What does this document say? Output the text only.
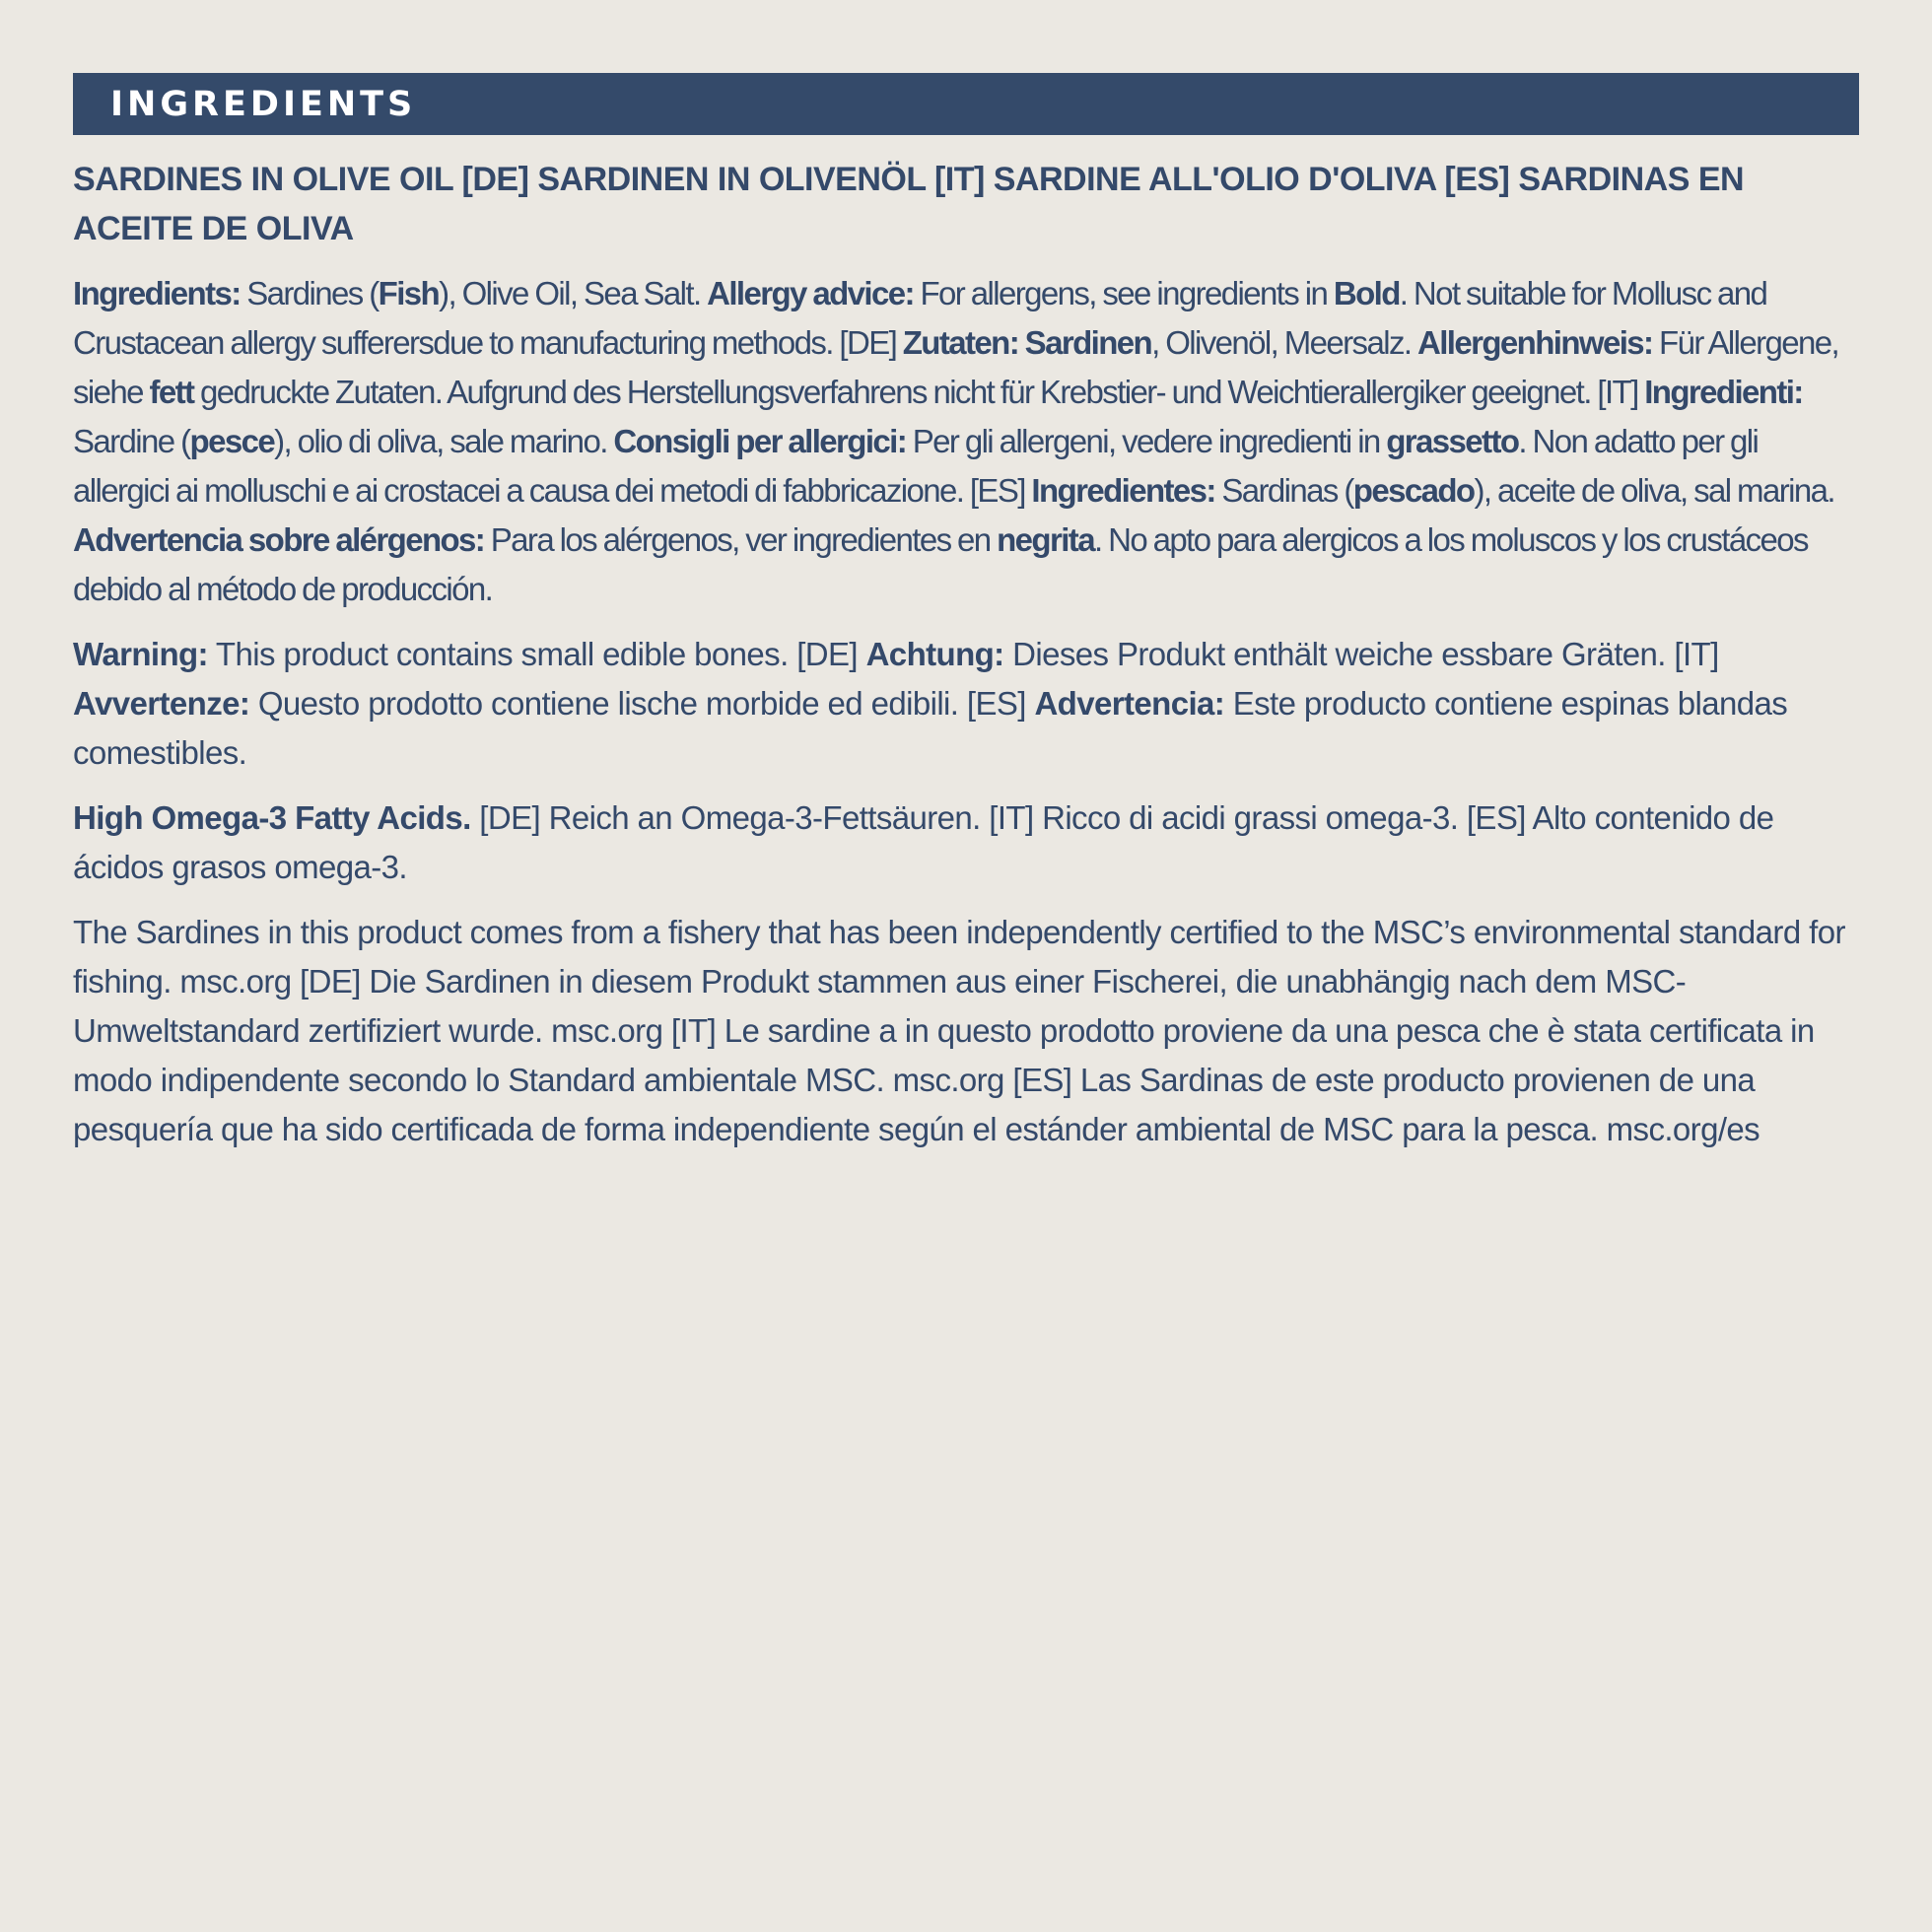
INGREDIENTS
SARDINES IN OLIVE OIL [DE] SARDINEN IN OLIVENÖL [IT] SARDINE ALL'OLIO D'OLIVA [ES] SARDINAS EN ACEITE DE OLIVA

Ingredients: Sardines (Fish), Olive Oil, Sea Salt. Allergy advice: For allergens, see ingredients in Bold. Not suitable for Mollusc and Crustacean allergy sufferersdue to manufacturing methods. [DE] Zutaten: Sardinen, Olivenöl, Meersalz. Allergenhinweis: Für Allergene, siehe fett gedruckte Zutaten. Aufgrund des Herstellungsverfahrens nicht für Krebstier- und Weichtierallergiker geeignet. [IT] Ingredienti: Sardine (pesce), olio di oliva, sale marino. Consigli per allergici: Per gli allergeni, vedere ingredienti in grassetto. Non adatto per gli allergici ai molluschi e ai crostacei a causa dei metodi di fabbricazione. [ES] Ingredientes: Sardinas (pescado), aceite de oliva, sal marina. Advertencia sobre alérgenos: Para los alérgenos, ver ingredientes en negrita. No apto para alergicos a los moluscos y los crustáceos debido al método de producción.

Warning: This product contains small edible bones. [DE] Achtung: Dieses Produkt enthält weiche essbare Gräten. [IT] Avvertenze: Questo prodotto contiene lische morbide ed edibili. [ES] Advertencia: Este producto contiene espinas blandas comestibles.

High Omega-3 Fatty Acids. [DE] Reich an Omega-3-Fettsäuren. [IT] Ricco di acidi grassi omega-3. [ES] Alto contenido de ácidos grasos omega-3.

The Sardines in this product comes from a fishery that has been independently certified to the MSC’s environmental standard for fishing. msc.org [DE] Die Sardinen in diesem Produkt stammen aus einer Fischerei, die unabhängig nach dem MSC-Umweltstandard zertifiziert wurde. msc.org [IT] Le sardine a in questo prodotto proviene da una pesca che è stata certificata in modo indipendente secondo lo Standard ambientale MSC. msc.org [ES] Las Sardinas de este producto provienen de una pesquería que ha sido certificada de forma independiente según el estánder ambiental de MSC para la pesca. msc.org/es
